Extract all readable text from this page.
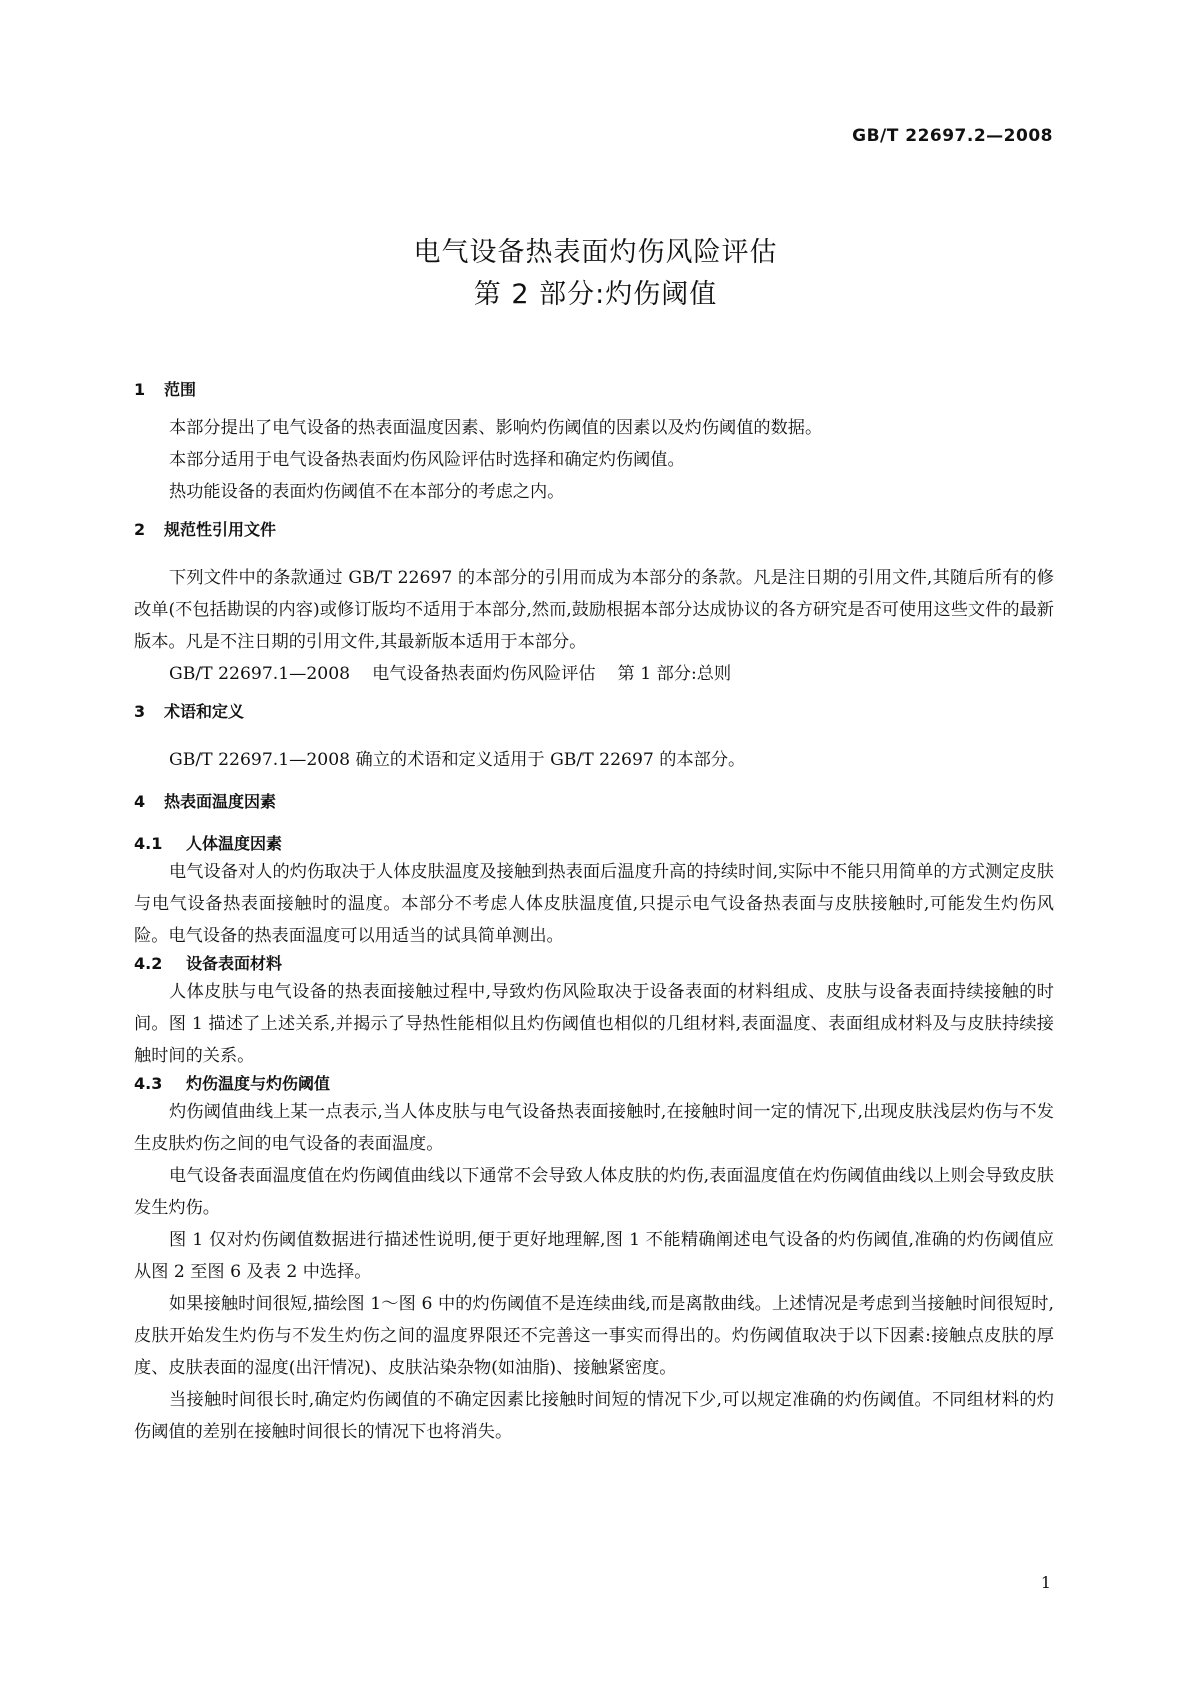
GB/T 22697.2—2008
电气设备热表面灼伤风险评估
第 2 部分:灼伤阈值
1 范围

本部分提出了电气设备的热表面温度因素、影响灼伤阈值的因素以及灼伤阈值的数据。

本部分适用于电气设备热表面灼伤风险评估时选择和确定灼伤阈值。

热功能设备的表面灼伤阈值不在本部分的考虑之内。

2 规范性引用文件

下列文件中的条款通过 GB/T 22697 的本部分的引用而成为本部分的条款。凡是注日期的引用文件,其随后所有的修改单(不包括勘误的内容)或修订版均不适用于本部分,然而,鼓励根据本部分达成协议的各方研究是否可使用这些文件的最新版本。凡是不注日期的引用文件,其最新版本适用于本部分。

GB/T 22697.1—2008 电气设备热表面灼伤风险评估 第 1 部分:总则

3 术语和定义

GB/T 22697.1—2008 确立的术语和定义适用于 GB/T 22697 的本部分。

4 热表面温度因素
4.1 人体温度因素

电气设备对人的灼伤取决于人体皮肤温度及接触到热表面后温度升高的持续时间,实际中不能只用简单的方式测定皮肤与电气设备热表面接触时的温度。本部分不考虑人体皮肤温度值,只提示电气设备热表面与皮肤接触时,可能发生灼伤风险。电气设备的热表面温度可以用适当的试具简单测出。

4.2 设备表面材料

人体皮肤与电气设备的热表面接触过程中,导致灼伤风险取决于设备表面的材料组成、皮肤与设备表面持续接触的时间。图 1 描述了上述关系,并揭示了导热性能相似且灼伤阈值也相似的几组材料,表面温度、表面组成材料及与皮肤持续接触时间的关系。

4.3 灼伤温度与灼伤阈值

灼伤阈值曲线上某一点表示,当人体皮肤与电气设备热表面接触时,在接触时间一定的情况下,出现皮肤浅层灼伤与不发生皮肤灼伤之间的电气设备的表面温度。

电气设备表面温度值在灼伤阈值曲线以下通常不会导致人体皮肤的灼伤,表面温度值在灼伤阈值曲线以上则会导致皮肤发生灼伤。

图 1 仅对灼伤阈值数据进行描述性说明,便于更好地理解,图 1 不能精确阐述电气设备的灼伤阈值,准确的灼伤阈值应从图 2 至图 6 及表 2 中选择。

如果接触时间很短,描绘图 1～图 6 中的灼伤阈值不是连续曲线,而是离散曲线。上述情况是考虑到当接触时间很短时,皮肤开始发生灼伤与不发生灼伤之间的温度界限还不完善这一事实而得出的。灼伤阈值取决于以下因素:接触点皮肤的厚度、皮肤表面的湿度(出汗情况)、皮肤沾染杂物(如油脂)、接触紧密度。

当接触时间很长时,确定灼伤阈值的不确定因素比接触时间短的情况下少,可以规定准确的灼伤阈值。不同组材料的灼伤阈值的差别在接触时间很长的情况下也将消失。

1
